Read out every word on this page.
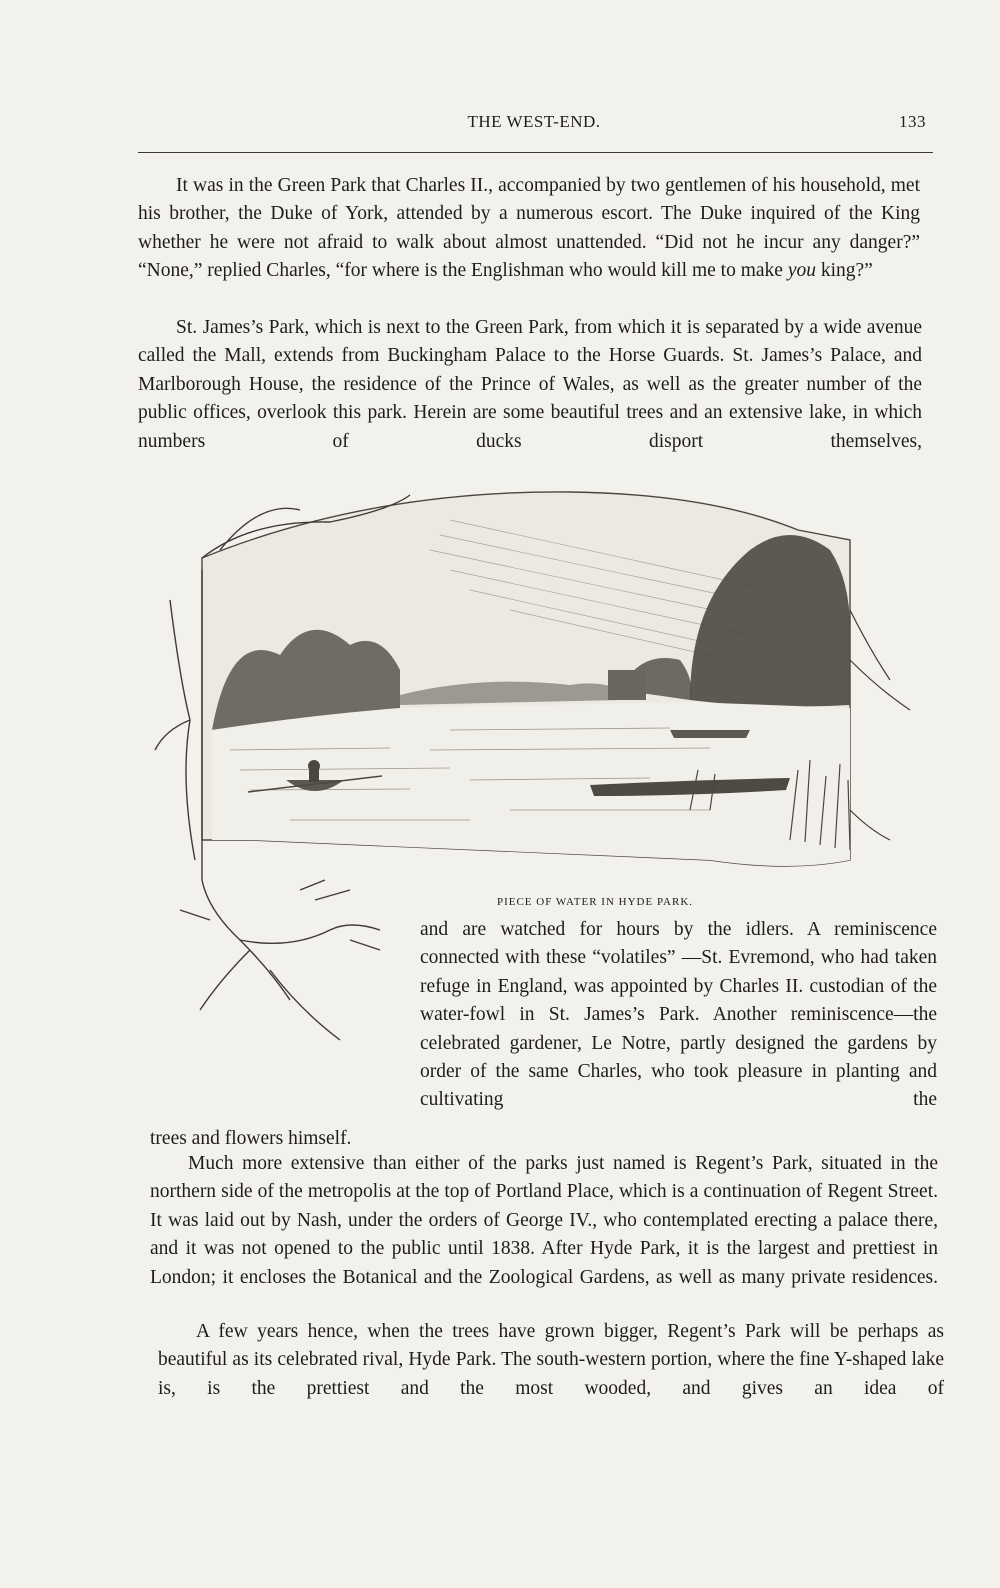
THE WEST-END.	133

It was in the Green Park that Charles II., accompanied by two gentlemen of his household, met his brother, the Duke of York, attended by a numerous escort. The Duke inquired of the King whether he were not afraid to walk about almost unattended. “Did not he incur any danger?” “None,” replied Charles, “for where is the Englishman who would kill me to make you king?”

St. James’s Park, which is next to the Green Park, from which it is separated by a wide avenue called the Mall, extends from Buckingham Palace to the Horse Guards. St. James’s Palace, and Marlborough House, the residence of the Prince of Wales, as well as the greater number of the public offices, overlook this park. Herein are some beautiful trees and an extensive lake, in which numbers of ducks disport themselves,

PIECE OF WATER IN HYDE PARK.

and are watched for hours by the idlers. A reminiscence connected with these “volatiles” —St. Evremond, who had taken refuge in England, was appointed by Charles II. custodian of the water-fowl in St. James’s Park. Another reminiscence—the celebrated gardener, Le Notre, partly designed the gardens by order of the same Charles, who took pleasure in planting and cultivating the

trees and flowers himself.

Much more extensive than either of the parks just named is Regent’s Park, situated in the northern side of the metropolis at the top of Portland Place, which is a continuation of Regent Street. It was laid out by Nash, under the orders of George IV., who contemplated erecting a palace there, and it was not opened to the public until 1838. After Hyde Park, it is the largest and prettiest in London; it encloses the Botanical and the Zoological Gardens, as well as many private residences.

A few years hence, when the trees have grown bigger, Regent’s Park will be perhaps as beautiful as its celebrated rival, Hyde Park. The south-western portion, where the fine Y-shaped lake is, is the prettiest and the most wooded, and gives an idea of
